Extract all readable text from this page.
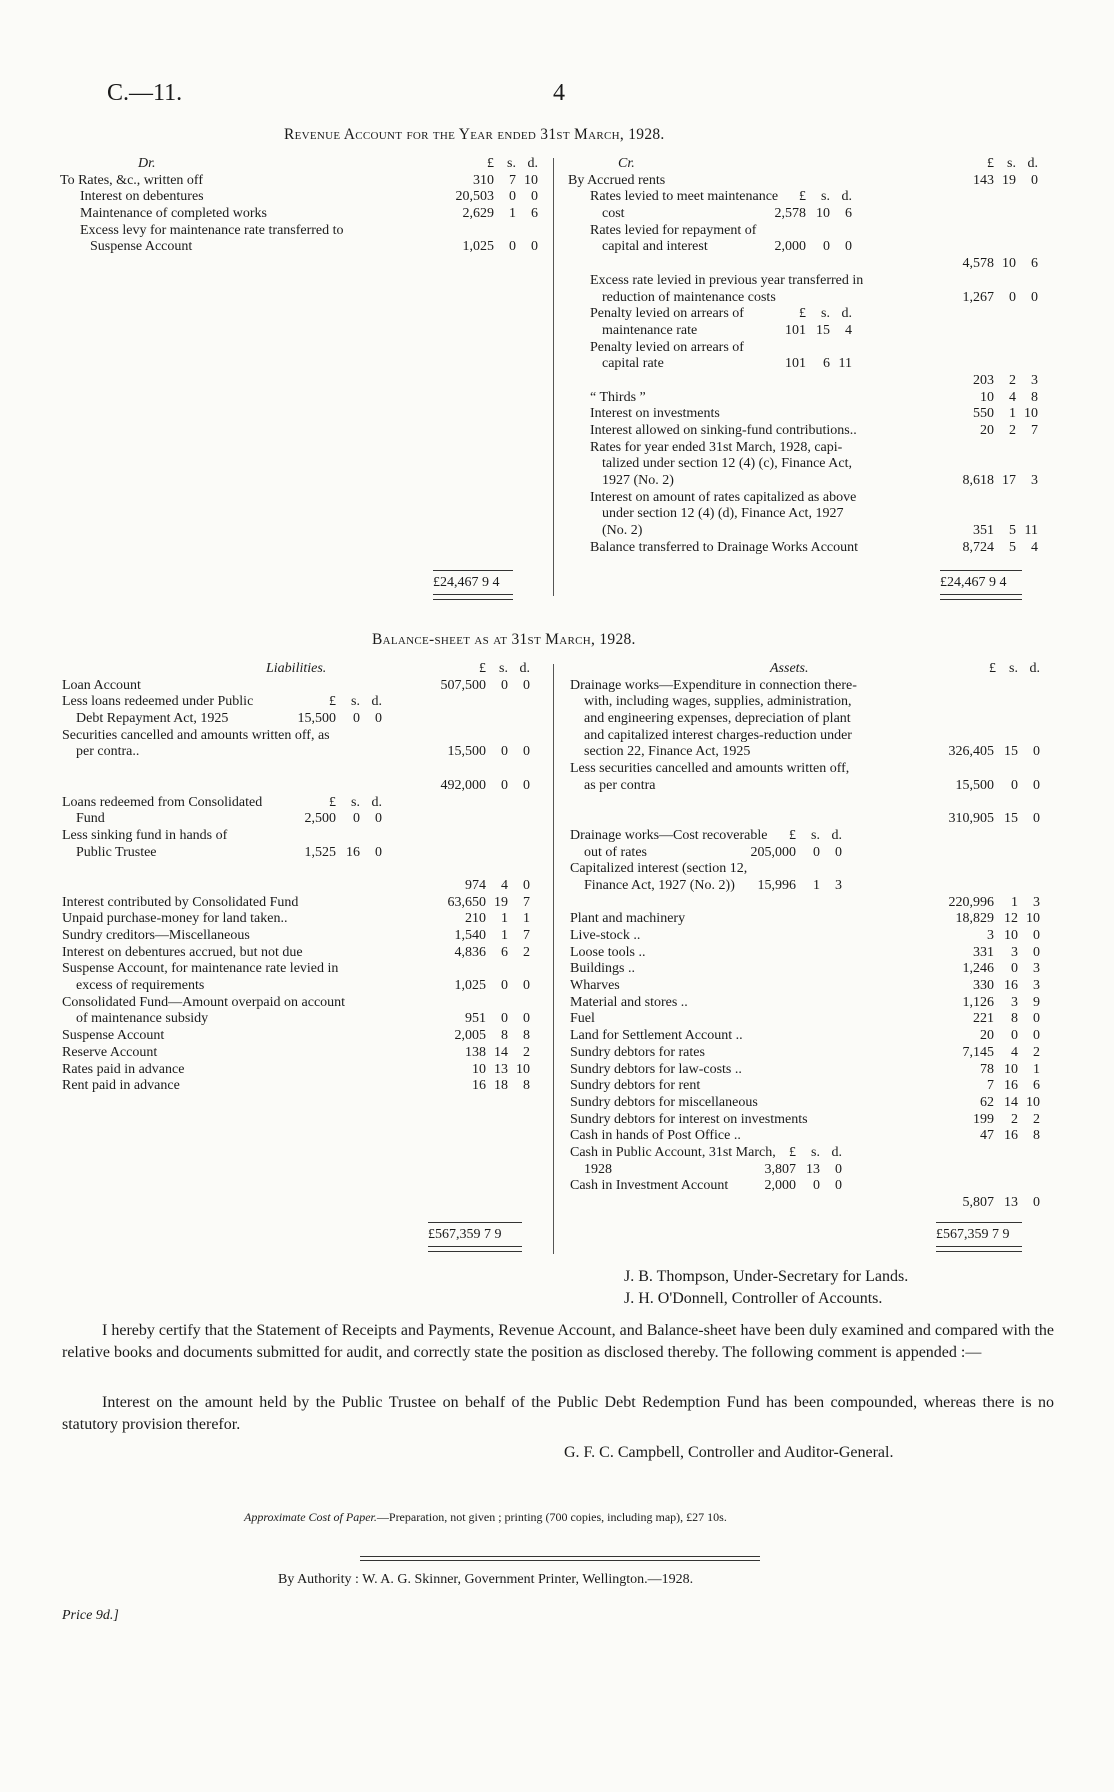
C.—11.	4
Revenue Account for the Year ended 31st March, 1928.
Dr.	£ s. d.
To Rates, &c., written off	310	7 10
Interest on debentures	20,503	0	0
Maintenance of completed works	2,629	1	6
Excess levy for maintenance rate transferred to
Suspense Account	1,025	0	0
£24,467 9 4
Cr.	£ s. d.
By Accrued rents	143 19	0
Rates levied to meet maintenance	£	s. d.
cost	2,578 10	6
Rates levied for repayment of
capital and interest	2,000	0	0
4,578 10	6
Excess rate levied in previous year transferred in
reduction of maintenance costs	1,267	0	0
Penalty levied on arrears of	£	s. d.
maintenance rate	101 15	4
Penalty levied on arrears of
capital rate	101	6 11
203	2	3
“ Thirds ”	10	4	8
Interest on investments	550	1 10
Interest allowed on sinking-fund contributions..	20	2	7
Rates for year ended 31st March, 1928, capi-
talized under section 12 (4) (c), Finance Act,
1927 (No. 2)	8,618 17	3
Interest on amount of rates capitalized as above
under section 12 (4) (d), Finance Act, 1927
(No. 2)	351	5 11
Balance transferred to Drainage Works Account	8,724	5	4
£24,467 9 4
Balance-sheet as at 31st March, 1928.
Liabilities.	£ s. d.
Loan Account	507,500	0	0
Less loans redeemed under Public	£	s. d.
Debt Repayment Act, 1925	15,500	0	0
Securities cancelled and amounts written off, as
per contra..	15,500	0	0
492,000	0	0
Loans redeemed from Consolidated	£	s. d.
Fund	2,500	0	0
Less sinking fund in hands of
Public Trustee	1,525 16	0
974	4	0
Interest contributed by Consolidated Fund	63,650 19	7
Unpaid purchase-money for land taken..	210	1	1
Sundry creditors—Miscellaneous	1,540	1	7
Interest on debentures accrued, but not due	4,836	6	2
Suspense Account, for maintenance rate levied in
excess of requirements	1,025	0	0
Consolidated Fund—Amount overpaid on account
of maintenance subsidy	951	0	0
Suspense Account	2,005	8	8
Reserve Account	138 14	2
Rates paid in advance	10 13 10
Rent paid in advance	16 18	8
£567,359 7 9
Assets.	£ s. d.
Drainage works—Expenditure in connection there-
with, including wages, supplies, administration,
and engineering expenses, depreciation of plant
and capitalized interest charges-reduction under
section 22, Finance Act, 1925	326,405 15	0
Less securities cancelled and amounts written off,
as per contra	15,500	0	0
310,905 15	0
Drainage works—Cost recoverable	£	s. d.
out of rates	205,000	0	0
Capitalized interest (section 12,
Finance Act, 1927 (No. 2))	15,996	1	3
220,996	1	3
Plant and machinery	18,829 12 10
Live-stock ..	3 10	0
Loose tools ..	331	3	0
Buildings ..	1,246	0	3
Wharves	330 16	3
Material and stores ..	1,126	3	9
Fuel	221	8	0
Land for Settlement Account ..	20	0	0
Sundry debtors for rates	7,145	4	2
Sundry debtors for law-costs ..	78 10	1
Sundry debtors for rent	7 16	6
Sundry debtors for miscellaneous	62 14 10
Sundry debtors for interest on investments	199	2	2
Cash in hands of Post Office ..	47 16	8
Cash in Public Account, 31st March, £	s. d.
1928	3,807 13	0
Cash in Investment Account	2,000	0	0
5,807 13	0
£567,359 7 9
J. B. Thompson, Under-Secretary for Lands.
J. H. O'Donnell, Controller of Accounts.
I hereby certify that the Statement of Receipts and Payments, Revenue Account, and Balance-sheet have been duly examined and compared with the relative books and documents submitted for audit, and correctly state the position as disclosed thereby. The following comment is appended :—
Interest on the amount held by the Public Trustee on behalf of the Public Debt Redemption Fund has been compounded, whereas there is no statutory provision therefor.
G. F. C. Campbell, Controller and Auditor-General.
Approximate Cost of Paper.—Preparation, not given ; printing (700 copies, including map), £27 10s.
By Authority : W. A. G. Skinner, Government Printer, Wellington.—1928.
Price 9d.]
